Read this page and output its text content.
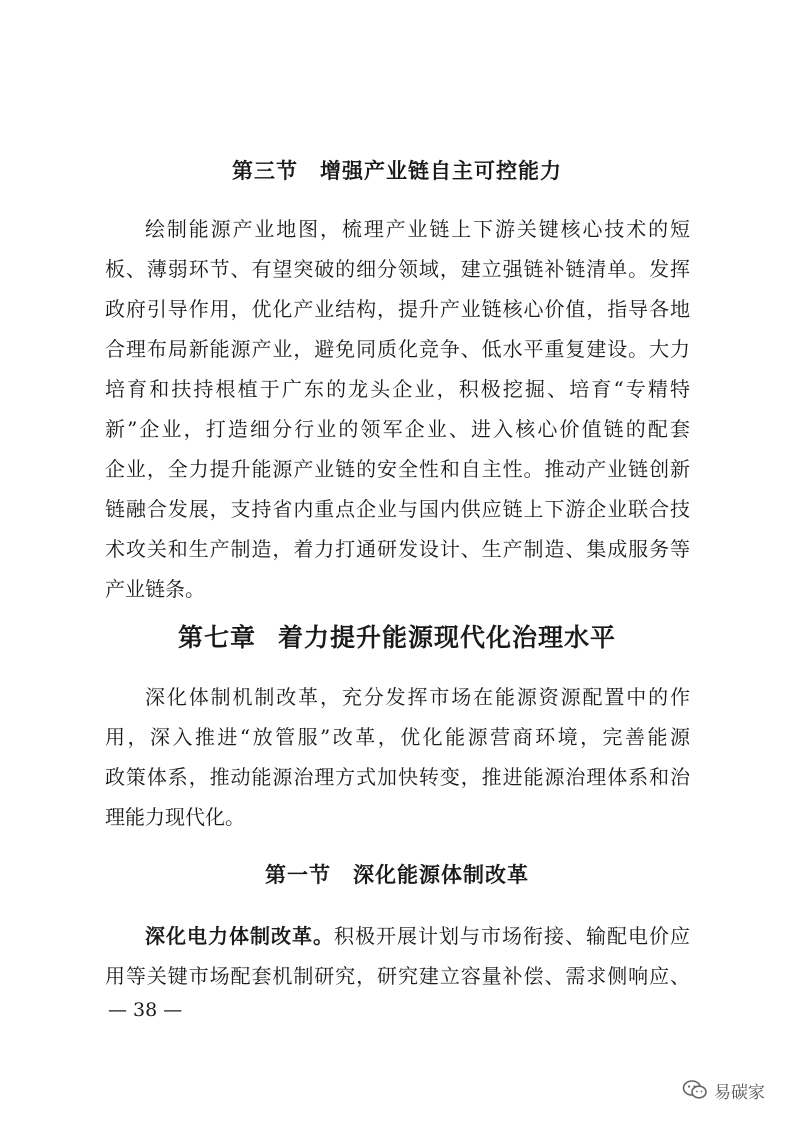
第三节 增强产业链自主可控能力
绘制能源产业地图，梳理产业链上下游关键核心技术的短
板、薄弱环节、有望突破的细分领域，建立强链补链清单。发挥
政府引导作用，优化产业结构，提升产业链核心价值，指导各地
合理布局新能源产业，避免同质化竞争、低水平重复建设。大力
培育和扶持根植于广东的龙头企业，积极挖掘、培育“专精特
新”企业，打造细分行业的领军企业、进入核心价值链的配套
企业，全力提升能源产业链的安全性和自主性。推动产业链创新
链融合发展，支持省内重点企业与国内供应链上下游企业联合技
术攻关和生产制造，着力打通研发设计、生产制造、集成服务等
产业链条。
第七章 着力提升能源现代化治理水平
深化体制机制改革，充分发挥市场在能源资源配置中的作
用，深入推进“放管服”改革，优化能源营商环境，完善能源
政策体系，推动能源治理方式加快转变，推进能源治理体系和治
理能力现代化。
第一节 深化能源体制改革
深化电力体制改革。积极开展计划与市场衔接、输配电价应
用等关键市场配套机制研究，研究建立容量补偿、需求侧响应、
— 38 —
易碳家
